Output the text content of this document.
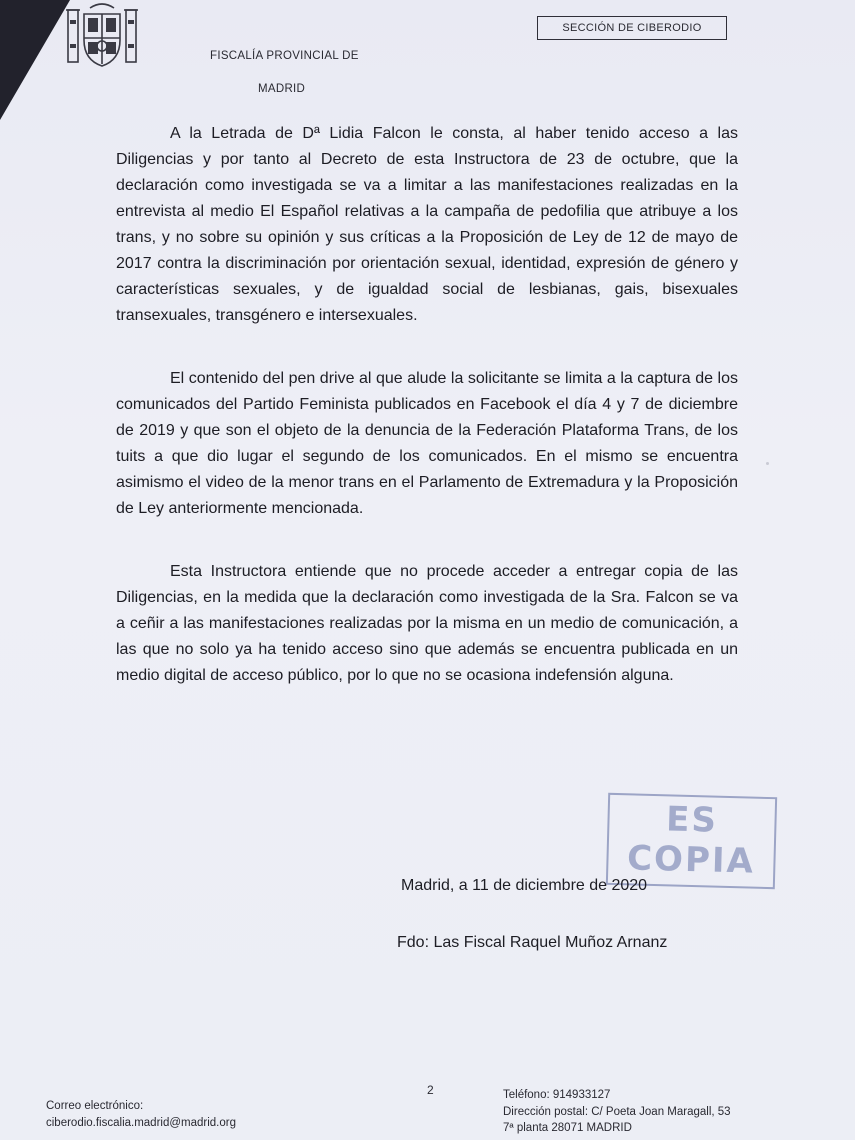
FISCALÍA PROVINCIAL DE
MADRID
SECCIÓN DE CIBERODIO

A la Letrada de Dª Lidia Falcon le consta, al haber tenido acceso a las Diligencias y por tanto al Decreto de esta Instructora de 23 de octubre, que la declaración como investigada se va a limitar a las manifestaciones realizadas en la entrevista al medio El Español relativas a la campaña de pedofilia que atribuye a los trans, y no sobre su opinión y sus críticas a la Proposición de Ley de 12 de mayo de 2017 contra la discriminación por orientación sexual, identidad, expresión de género y características sexuales, y de igualdad social de lesbianas, gais, bisexuales transexuales, transgénero e intersexuales.

El contenido del pen drive al que alude la solicitante se limita a la captura de los comunicados del Partido Feminista publicados en Facebook el día 4 y 7 de diciembre de 2019 y que son el objeto de la denuncia de la Federación Plataforma Trans, de los tuits a que dio lugar el segundo de los comunicados. En el mismo se encuentra asimismo el video de la menor trans en el Parlamento de Extremadura y la Proposición de Ley anteriormente mencionada.

Esta Instructora entiende que no procede acceder a entregar copia de las Diligencias, en la medida que la declaración como investigada de la Sra. Falcon se va a ceñir a las manifestaciones realizadas por la misma en un medio de comunicación, a las que no solo ya ha tenido acceso sino que además se encuentra publicada en un medio digital de acceso público, por lo que no se ocasiona indefensión alguna.

ES
COPIA
Madrid, a 11 de diciembre de 2020
Fdo: Las Fiscal Raquel Muñoz Arnanz
2
Correo electrónico:
ciberodio.fiscalia.madrid@madrid.org
Teléfono: 914933127
Dirección postal: C/ Poeta Joan Maragall, 53
7ª planta 28071 MADRID
